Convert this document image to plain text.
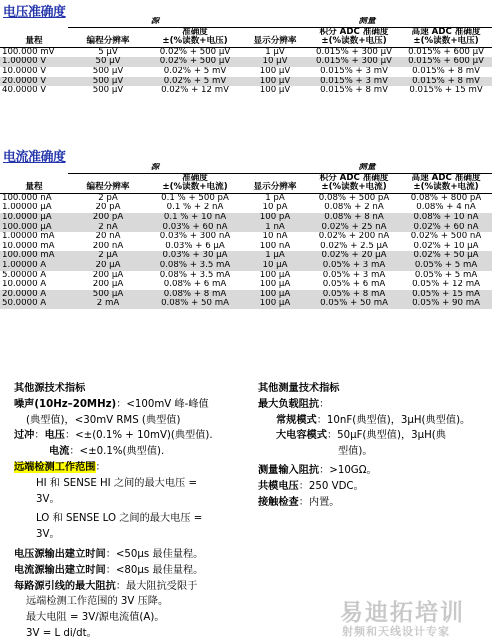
电压准确度
	源		测量		
量程	编程分辨率	准确度
±(%读数+电压)	显示分辨率	积分 ADC 准确度
±(%读数+电压)	高速 ADC 准确度
±(%读数+电压)
100.000 mV	5 μV	0.02% + 500 μV	1 μV	0.015% + 300 μV	0.015% + 600 μV
1.00000 V	50 μV	0.02% + 500 μV	10 μV	0.015% + 300 μV	0.015% + 600 μV
10.0000 V	500 μV	0.02% + 5 mV	100 μV	0.015% + 3 mV	0.015% + 8 mV
20.0000 V	500 μV	0.02% + 5 mV	100 μV	0.015% + 3 mV	0.015% + 8 mV
40.0000 V	500 μV	0.02% + 12 mV	100 μV	0.015% + 8 mV	0.015% + 15 mV
电流准确度
	源		测量		
量程	编程分辨率	准确度
±(%读数+电流)	显示分辨率	积分 ADC 准确度
±(%读数+电流)	高速 ADC 准确度
±(%读数+电流)
100.000 nA	2 pA	0.1 % + 500 pA	1 pA	0.08% + 500 pA	0.08% + 800 pA
1.00000 μA	20 pA	0.1 % + 2 nA	10 pA	0.08% + 2 nA	0.08% + 4 nA
10.0000 μA	200 pA	0.1 % + 10 nA	100 pA	0.08% + 8 nA	0.08% + 10 nA
100.000 μA	2 nA	0.03% + 60 nA	1 nA	0.02% + 25 nA	0.02% + 60 nA
1.00000 mA	20 nA	0.03% + 300 nA	10 nA	0.02% + 200 nA	0.02% + 500 nA
10.0000 mA	200 nA	0.03% + 6 μA	100 nA	0.02% + 2.5 μA	0.02% + 10 μA
100.000 mA	2 μA	0.03% + 30 μA	1 μA	0.02% + 20 μA	0.02% + 50 μA
1.00000 A	20 μA	0.08% + 3.5 mA	10 μA	0.05% + 3 mA	0.05% + 5 mA
5.00000 A	200 μA	0.08% + 3.5 mA	100 μA	0.05% + 3 mA	0.05% + 5 mA
10.0000 A	200 μA	0.08% + 6 mA	100 μA	0.05% + 6 mA	0.05% + 12 mA
20.0000 A	500 μA	0.08% + 8 mA	100 μA	0.05% + 8 mA	0.05% + 15 mA
50.0000 A	2 mA	0.08% + 50 mA	100 μA	0.05% + 50 mA	0.05% + 90 mA
其他源技术指标
噪声(10Hz–20MHz)：<100mV 峰-峰值
(典型值)，<30mV RMS (典型值)
过冲：电压：<±(0.1% + 10mV)(典型值).
电流：<±0.1%(典型值).
远端检测工作范围：
HI 和 SENSE HI 之间的最大电压 =
3V。
LO 和 SENSE LO 之间的最大电压 =
3V。
电压源输出建立时间：<50μs 最佳量程。
电流源输出建立时间：<80μs 最佳量程。
每路源引线的最大阻抗：最大阻抗受限于
远端检测工作范围的 3V 压降。
最大电阻 = 3V/源电流值(A)。
3V = L di/dt。
其他测量技术指标
最大负载阻抗：
常规模式：10nF(典型值)，3μH(典型值)。
大电容模式：50μF(典型值)，3μH(典
型值)。
测量输入阻抗：>10GΩ。
共模电压：250 VDC。
接触检查：内置。
易迪拓培训
射频和天线设计专家
